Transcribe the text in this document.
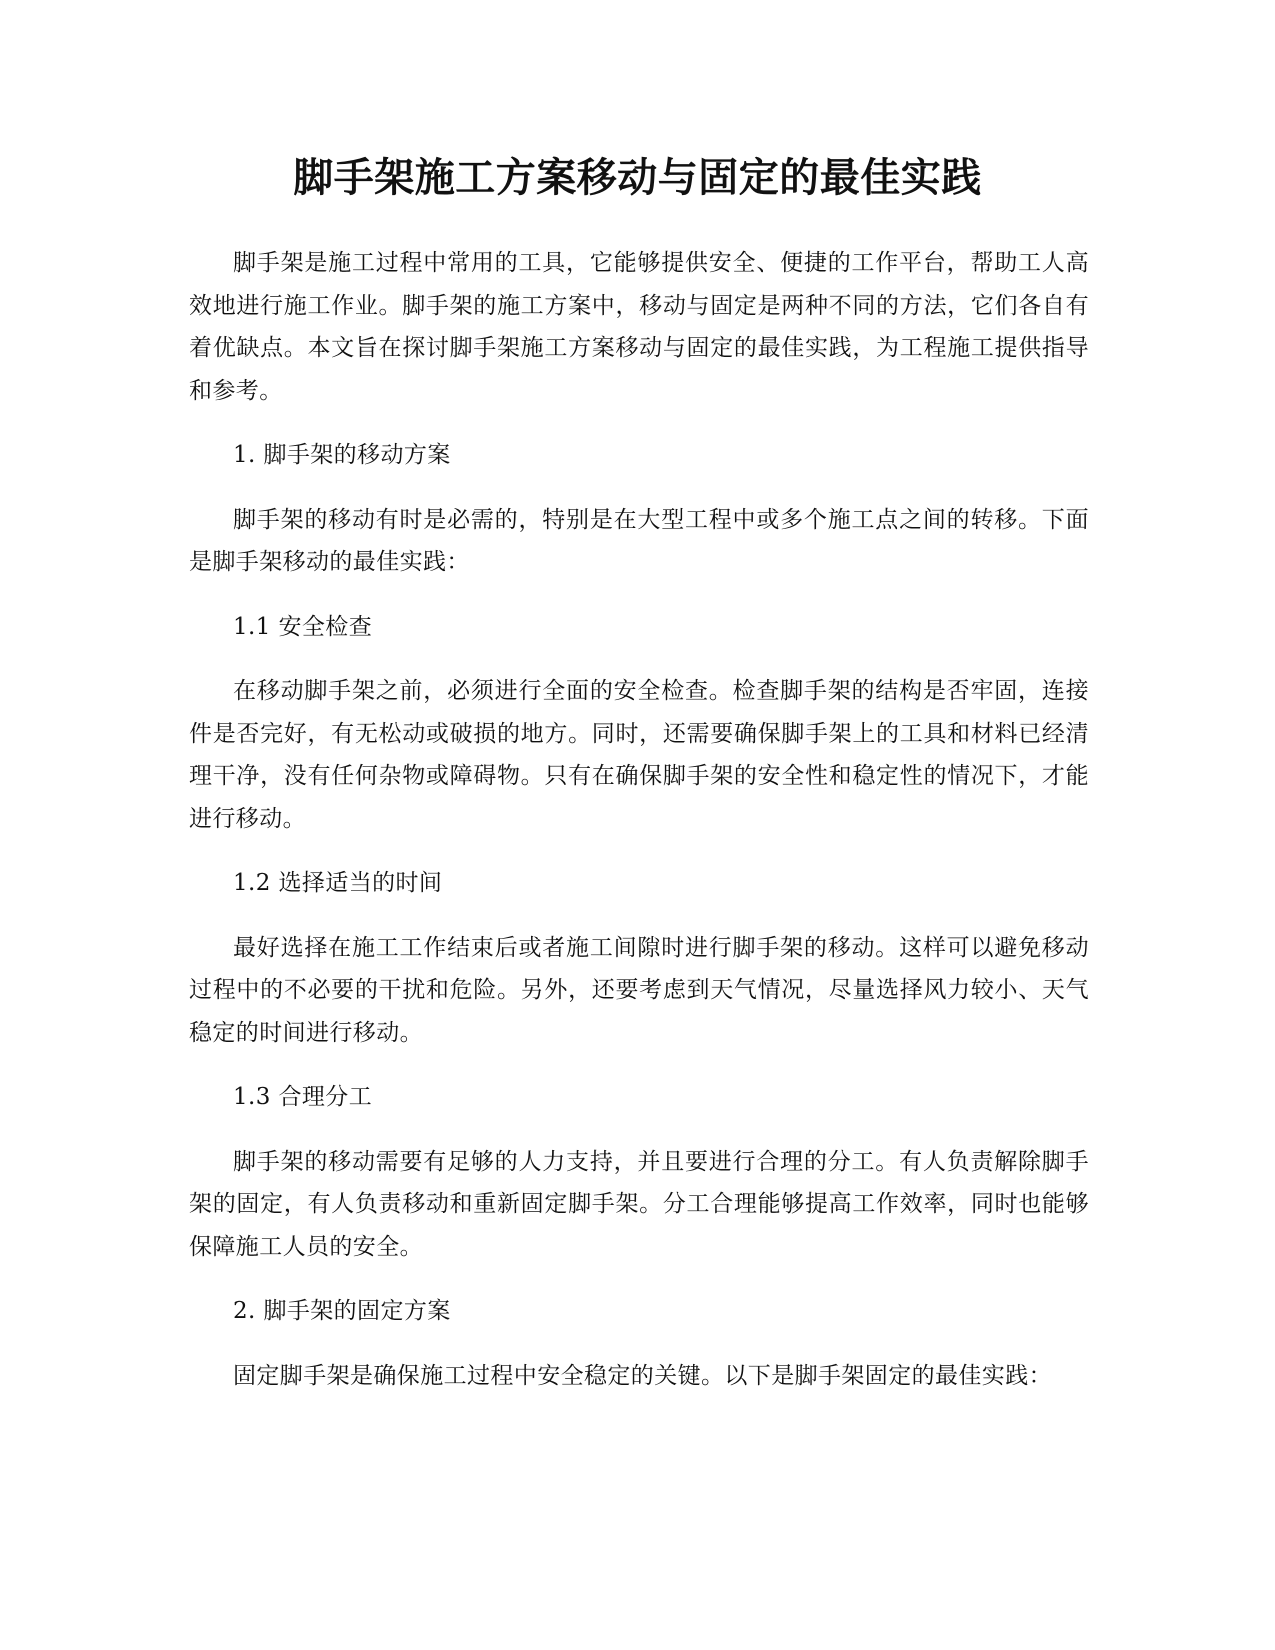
脚手架施工方案移动与固定的最佳实践

脚手架是施工过程中常用的工具，它能够提供安全、便捷的工作平台，帮助工人高效地进行施工作业。脚手架的施工方案中，移动与固定是两种不同的方法，它们各自有着优缺点。本文旨在探讨脚手架施工方案移动与固定的最佳实践，为工程施工提供指导和参考。

1. 脚手架的移动方案

脚手架的移动有时是必需的，特别是在大型工程中或多个施工点之间的转移。下面是脚手架移动的最佳实践：

1.1 安全检查

在移动脚手架之前，必须进行全面的安全检查。检查脚手架的结构是否牢固，连接件是否完好，有无松动或破损的地方。同时，还需要确保脚手架上的工具和材料已经清理干净，没有任何杂物或障碍物。只有在确保脚手架的安全性和稳定性的情况下，才能进行移动。

1.2 选择适当的时间

最好选择在施工工作结束后或者施工间隙时进行脚手架的移动。这样可以避免移动过程中的不必要的干扰和危险。另外，还要考虑到天气情况，尽量选择风力较小、天气稳定的时间进行移动。

1.3 合理分工

脚手架的移动需要有足够的人力支持，并且要进行合理的分工。有人负责解除脚手架的固定，有人负责移动和重新固定脚手架。分工合理能够提高工作效率，同时也能够保障施工人员的安全。

2. 脚手架的固定方案

固定脚手架是确保施工过程中安全稳定的关键。以下是脚手架固定的最佳实践：
